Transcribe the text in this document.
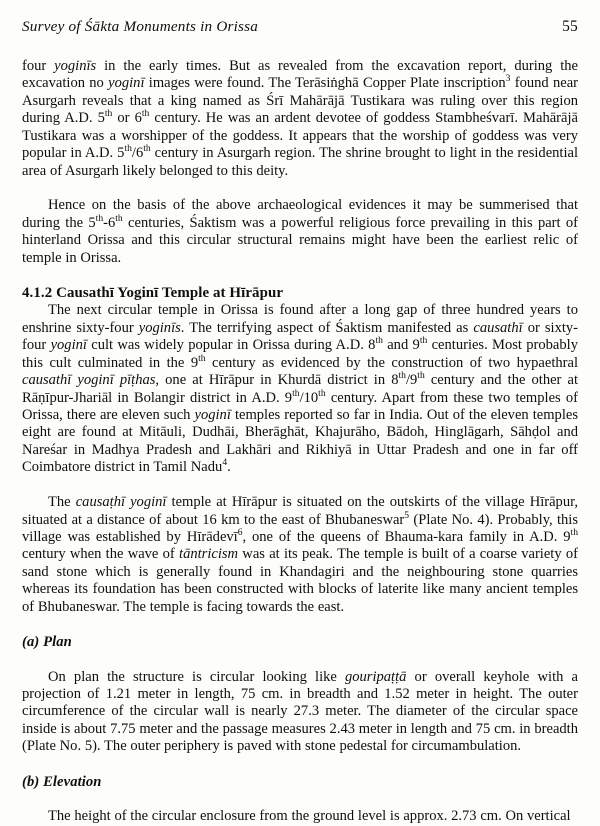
Survey of Śākta Monuments in Orissa	55

four yoginīs in the early times. But as revealed from the excavation report, during the excavation no yoginī images were found. The Terāsiṅghā Copper Plate inscription$^3$ found near Asurgarh reveals that a king named as Śrī Mahārājā Tustikara was ruling over this region during A.D. 5th or 6th century. He was an ardent devotee of goddess Stambheśvarī. Mahārājā Tustikara was a worshipper of the goddess. It appears that the worship of goddess was very popular in A.D. 5th/6th century in Asurgarh region. The shrine brought to light in the residential area of Asurgarh likely belonged to this deity.

Hence on the basis of the above archaeological evidences it may be summerised that during the 5th-6th centuries, Śaktism was a powerful religious force prevailing in this part of hinterland Orissa and this circular structural remains might have been the earliest relic of temple in Orissa.

4.1.2 Causathī Yoginī Temple at Hīrāpur

The next circular temple in Orissa is found after a long gap of three hundred years to enshrine sixty-four yoginīs. The terrifying aspect of Śaktism manifested as causathī or sixty-four yoginī cult was widely popular in Orissa during A.D. 8th and 9th centuries. Most probably this cult culminated in the 9th century as evidenced by the construction of two hypaethral causathī yoginī pīṭhas, one at Hīrāpur in Khurdā district in 8th/9th century and the other at Rāṇīpur-Jhariāl in Bolangir district in A.D. 9th/10th century. Apart from these two temples of Orissa, there are eleven such yoginī temples reported so far in India. Out of the eleven temples eight are found at Mitāuli, Dudhāi, Bherāghāt, Khajurāho, Bādoh, Hinglāgarh, Sāhḍol and Nareśar in Madhya Pradesh and Lakhāri and Rikhiyā in Uttar Pradesh and one in far off Coimbatore district in Tamil Nadu$^4$.

The causaṭhī yoginī temple at Hīrāpur is situated on the outskirts of the village Hīrāpur, situated at a distance of about 16 km to the east of Bhubaneswar$^5$ (Plate No. 4). Probably, this village was established by Hīrādevī$^6$, one of the queens of Bhauma-kara family in A.D. 9th century when the wave of tāntricism was at its peak. The temple is built of a coarse variety of sand stone which is generally found in Khandagiri and the neighbouring stone quarries whereas its foundation has been constructed with blocks of laterite like many ancient temples of Bhubaneswar. The temple is facing towards the east.

(a) Plan

On plan the structure is circular looking like gouripaṭṭā or overall keyhole with a projection of 1.21 meter in length, 75 cm. in breadth and 1.52 meter in height. The outer circumference of the circular wall is nearly 27.3 meter. The diameter of the circular space inside is about 7.75 meter and the passage measures 2.43 meter in length and 75 cm. in breadth (Plate No. 5). The outer periphery is paved with stone pedestal for circumambulation.

(b) Elevation

The height of the circular enclosure from the ground level is approx. 2.73 cm. On vertical
